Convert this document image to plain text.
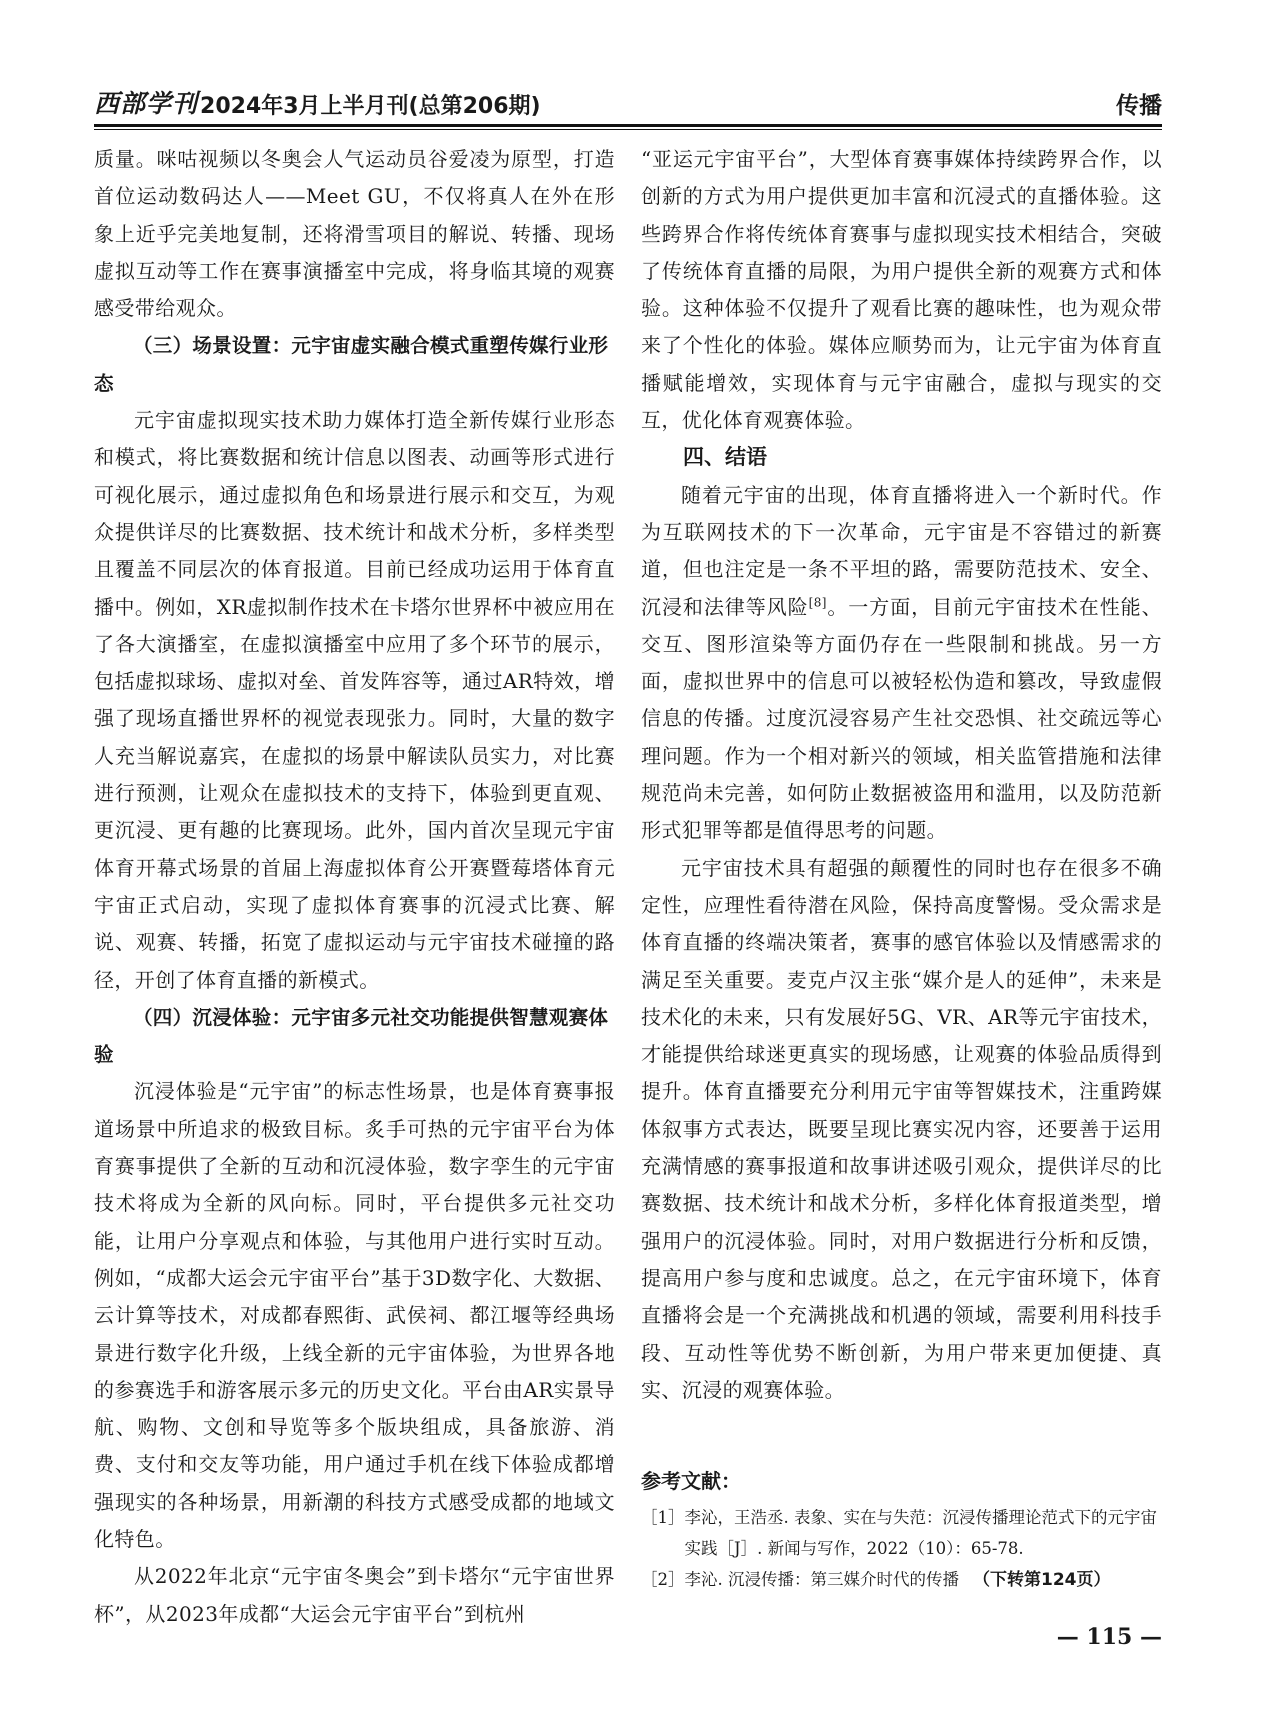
西部学刊 2024年3月上半月刊(总第206期)	传播

质量。咪咕视频以冬奥会人气运动员谷爱凌为原型，打造首位运动数码达人——Meet GU，不仅将真人在外在形象上近乎完美地复制，还将滑雪项目的解说、转播、现场虚拟互动等工作在赛事演播室中完成，将身临其境的观赛感受带给观众。

（三）场景设置：元宇宙虚实融合模式重塑传媒行业形态

元宇宙虚拟现实技术助力媒体打造全新传媒行业形态和模式，将比赛数据和统计信息以图表、动画等形式进行可视化展示，通过虚拟角色和场景进行展示和交互，为观众提供详尽的比赛数据、技术统计和战术分析，多样类型且覆盖不同层次的体育报道。目前已经成功运用于体育直播中。例如，XR虚拟制作技术在卡塔尔世界杯中被应用在了各大演播室，在虚拟演播室中应用了多个环节的展示，包括虚拟球场、虚拟对垒、首发阵容等，通过AR特效，增强了现场直播世界杯的视觉表现张力。同时，大量的数字人充当解说嘉宾，在虚拟的场景中解读队员实力，对比赛进行预测，让观众在虚拟技术的支持下，体验到更直观、更沉浸、更有趣的比赛现场。此外，国内首次呈现元宇宙体育开幕式场景的首届上海虚拟体育公开赛暨莓塔体育元宇宙正式启动，实现了虚拟体育赛事的沉浸式比赛、解说、观赛、转播，拓宽了虚拟运动与元宇宙技术碰撞的路径，开创了体育直播的新模式。

（四）沉浸体验：元宇宙多元社交功能提供智慧观赛体验

沉浸体验是“元宇宙”的标志性场景，也是体育赛事报道场景中所追求的极致目标。炙手可热的元宇宙平台为体育赛事提供了全新的互动和沉浸体验，数字孪生的元宇宙技术将成为全新的风向标。同时，平台提供多元社交功能，让用户分享观点和体验，与其他用户进行实时互动。例如，“成都大运会元宇宙平台”基于3D数字化、大数据、云计算等技术，对成都春熙街、武侯祠、都江堰等经典场景进行数字化升级，上线全新的元宇宙体验，为世界各地的参赛选手和游客展示多元的历史文化。平台由AR实景导航、购物、文创和导览等多个版块组成，具备旅游、消费、支付和交友等功能，用户通过手机在线下体验成都增强现实的各种场景，用新潮的科技方式感受成都的地域文化特色。

从2022年北京“元宇宙冬奥会”到卡塔尔“元宇宙世界杯”，从2023年成都“大运会元宇宙平台”到杭州

“亚运元宇宙平台”，大型体育赛事媒体持续跨界合作，以创新的方式为用户提供更加丰富和沉浸式的直播体验。这些跨界合作将传统体育赛事与虚拟现实技术相结合，突破了传统体育直播的局限，为用户提供全新的观赛方式和体验。这种体验不仅提升了观看比赛的趣味性，也为观众带来了个性化的体验。媒体应顺势而为，让元宇宙为体育直播赋能增效，实现体育与元宇宙融合，虚拟与现实的交互，优化体育观赛体验。

四、结语

随着元宇宙的出现，体育直播将进入一个新时代。作为互联网技术的下一次革命，元宇宙是不容错过的新赛道，但也注定是一条不平坦的路，需要防范技术、安全、沉浸和法律等风险[8]。一方面，目前元宇宙技术在性能、交互、图形渲染等方面仍存在一些限制和挑战。另一方面，虚拟世界中的信息可以被轻松伪造和篡改，导致虚假信息的传播。过度沉浸容易产生社交恐惧、社交疏远等心理问题。作为一个相对新兴的领域，相关监管措施和法律规范尚未完善，如何防止数据被盗用和滥用，以及防范新形式犯罪等都是值得思考的问题。

元宇宙技术具有超强的颠覆性的同时也存在很多不确定性，应理性看待潜在风险，保持高度警惕。受众需求是体育直播的终端决策者，赛事的感官体验以及情感需求的满足至关重要。麦克卢汉主张“媒介是人的延伸”，未来是技术化的未来，只有发展好5G、VR、AR等元宇宙技术，才能提供给球迷更真实的现场感，让观赛的体验品质得到提升。体育直播要充分利用元宇宙等智媒技术，注重跨媒体叙事方式表达，既要呈现比赛实况内容，还要善于运用充满情感的赛事报道和故事讲述吸引观众，提供详尽的比赛数据、技术统计和战术分析，多样化体育报道类型，增强用户的沉浸体验。同时，对用户数据进行分析和反馈，提高用户参与度和忠诚度。总之，在元宇宙环境下，体育直播将会是一个充满挑战和机遇的领域，需要利用科技手段、互动性等优势不断创新，为用户带来更加便捷、真实、沉浸的观赛体验。

参考文献：
［1］ 李沁，王浩丞. 表象、实在与失范：沉浸传播理论范式下的元宇宙实践［J］. 新闻与写作，2022（10）：65-78.
［2］ 李沁. 沉浸传播：第三媒介时代的传播 （下转第124页）
— 115 —
